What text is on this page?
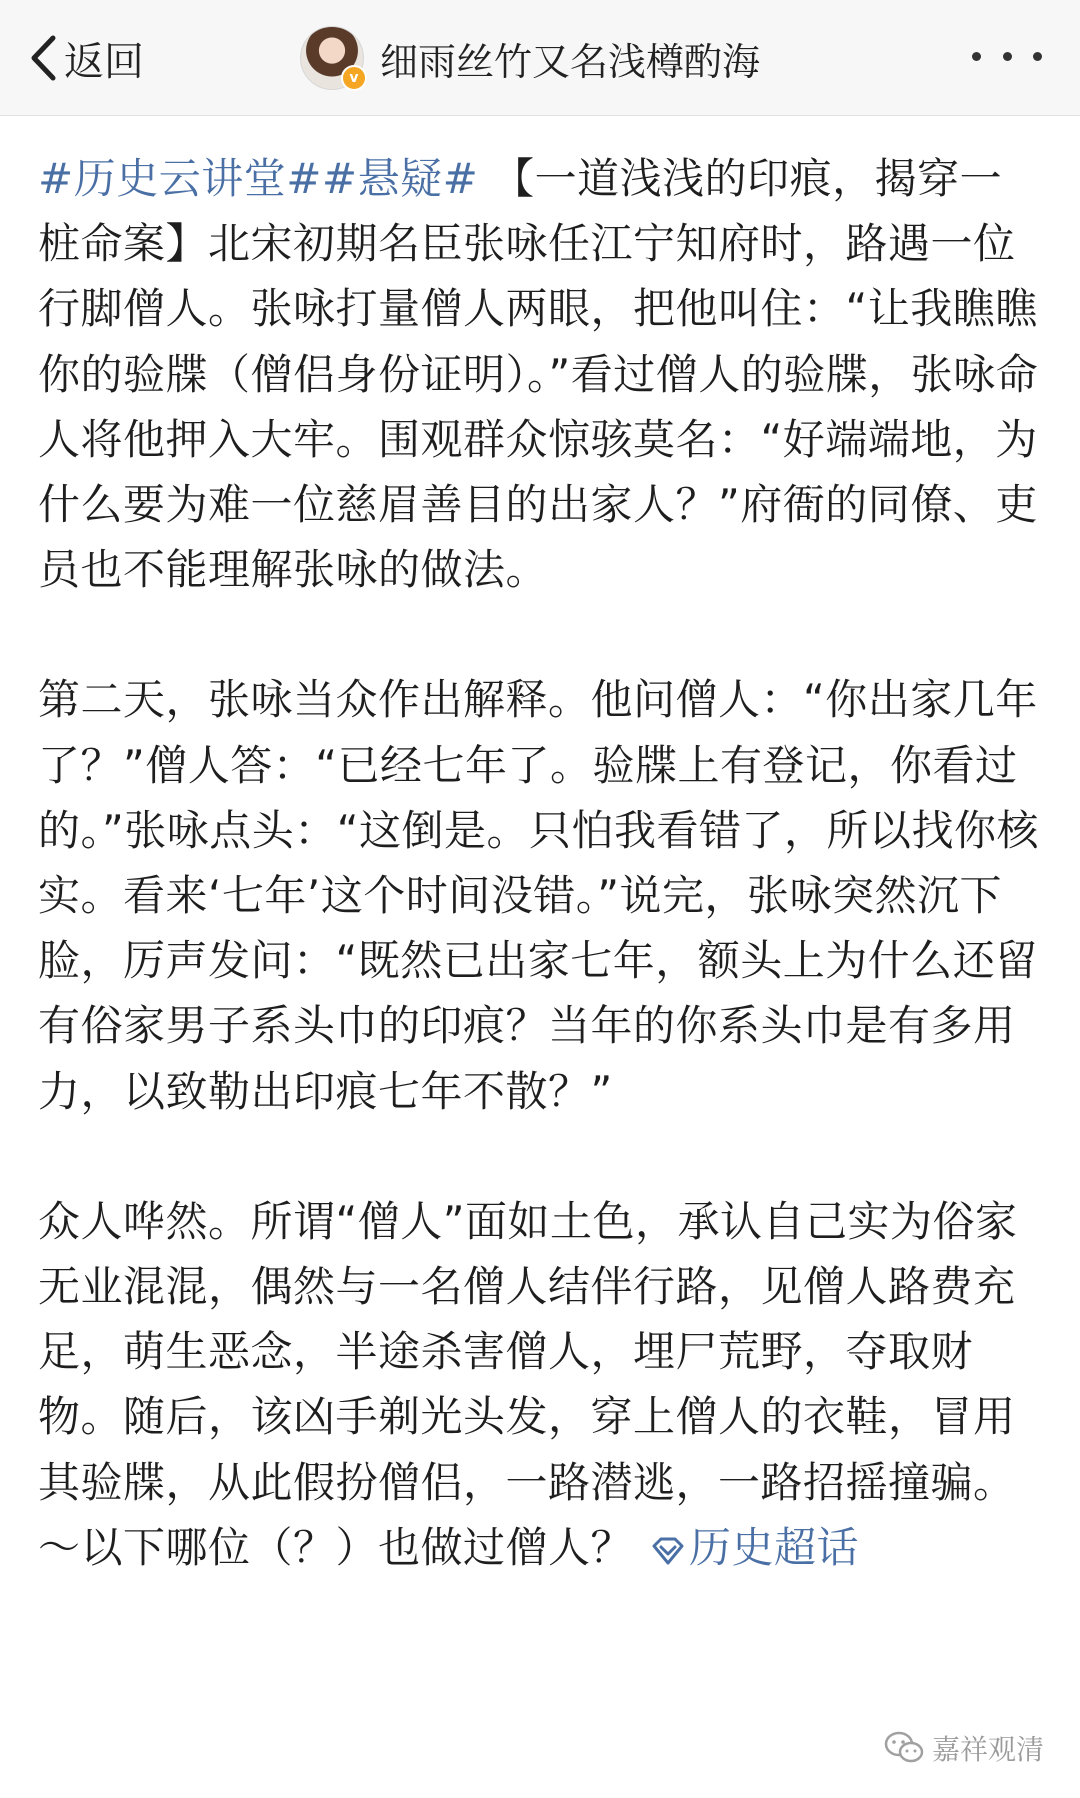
返回	v 细雨丝竹又名浅樽酌海

#历史云讲堂##悬疑# 【一道浅浅的印痕，揭穿一桩命案】北宋初期名臣张咏任江宁知府时，路遇一位行脚僧人。张咏打量僧人两眼，把他叫住：“让我瞧瞧你的验牒（僧侣身份证明）。”看过僧人的验牒，张咏命人将他押入大牢。围观群众惊骇莫名：“好端端地，为什么要为难一位慈眉善目的出家人？”府衙的同僚、吏员也不能理解张咏的做法。

第二天，张咏当众作出解释。他问僧人：“你出家几年了？”僧人答：“已经七年了。验牒上有登记，你看过的。”张咏点头：“这倒是。只怕我看错了，所以找你核实。看来‘七年’这个时间没错。”说完，张咏突然沉下脸，厉声发问：“既然已出家七年，额头上为什么还留有俗家男子系头巾的印痕？当年的你系头巾是有多用力，以致勒出印痕七年不散？”

众人哗然。所谓“僧人”面如土色，承认自己实为俗家无业混混，偶然与一名僧人结伴行路，见僧人路费充足，萌生恶念，半途杀害僧人，埋尸荒野，夺取财物。随后，该凶手剃光头发，穿上僧人的衣鞋，冒用其验牒，从此假扮僧侣，一路潜逃，一路招摇撞骗。～以下哪位（？）也做过僧人？ 历史超话

嘉祥观清
